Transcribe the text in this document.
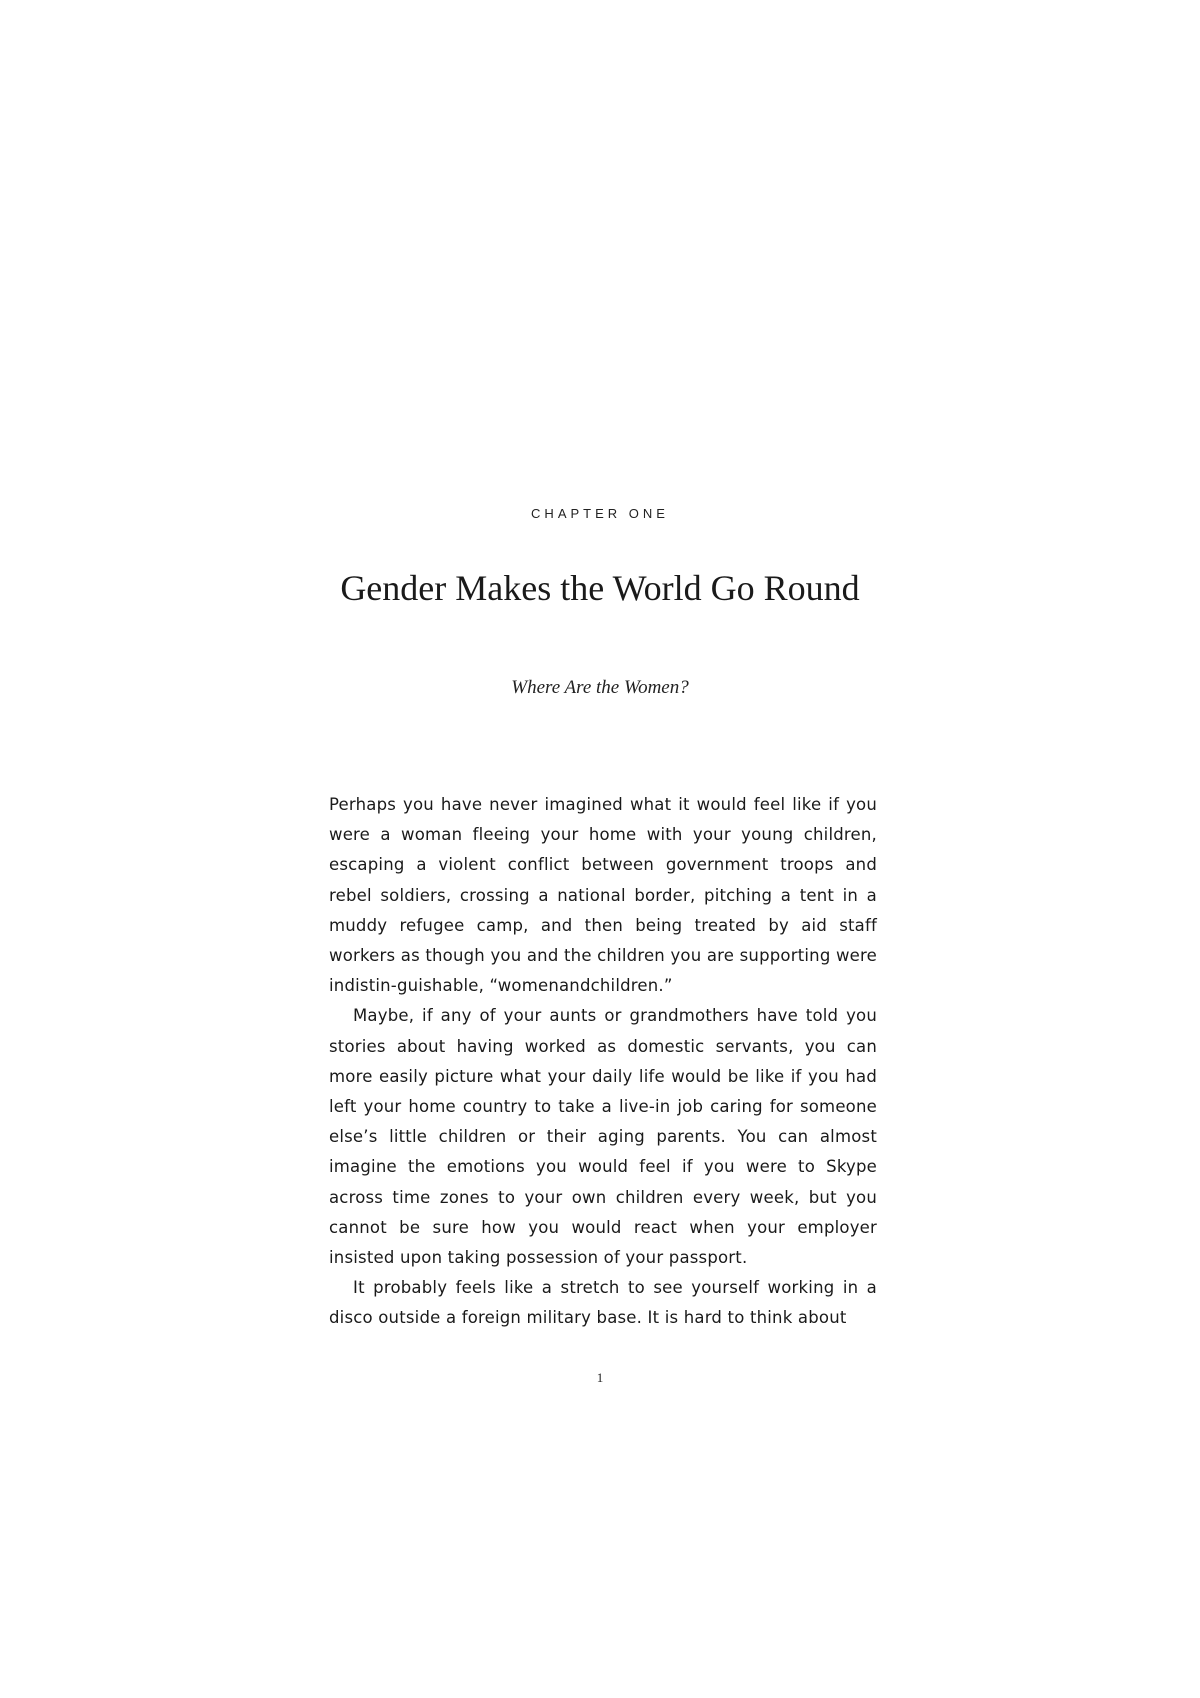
CHAPTER ONE

Gender Makes the World Go Round

Where Are the Women?

Perhaps you have never imagined what it would feel like if you were a woman fleeing your home with your young children, escaping a violent conflict between government troops and rebel soldiers, crossing a national border, pitching a tent in a muddy refugee camp, and then being treated by aid staff workers as though you and the children you are supporting were indistin-guishable, “womenandchildren.”

Maybe, if any of your aunts or grandmothers have told you stories about having worked as domestic servants, you can more easily picture what your daily life would be like if you had left your home country to take a live-in job caring for someone else’s little children or their aging parents. You can almost imagine the emotions you would feel if you were to Skype across time zones to your own children every week, but you cannot be sure how you would react when your employer insisted upon taking possession of your passport.

It probably feels like a stretch to see yourself working in a disco outside a foreign military base. It is hard to think about

1
